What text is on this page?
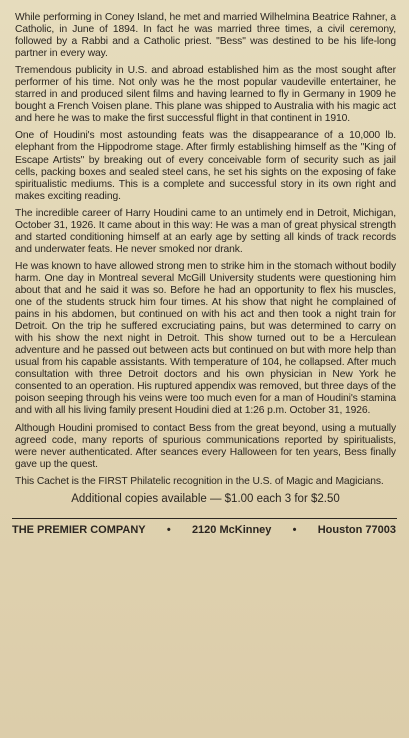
While performing in Coney Island, he met and married Wilhelmina Beatrice Rahner, a Catholic, in June of 1894. In fact he was married three times, a civil ceremony, followed by a Rabbi and a Catholic priest. "Bess" was destined to be his life-long partner in every way.

Tremendous publicity in U.S. and abroad established him as the most sought after performer of his time. Not only was he the most popular vaudeville entertainer, he starred in and produced silent films and having learned to fly in Germany in 1909 he bought a French Voisen plane. This plane was shipped to Australia with his magic act and here he was to make the first successful flight in that continent in 1910.

One of Houdini's most astounding feats was the disappearance of a 10,000 lb. elephant from the Hippodrome stage. After firmly establishing himself as the "King of Escape Artists" by breaking out of every conceivable form of security such as jail cells, packing boxes and sealed steel cans, he set his sights on the exposing of fake spiritualistic mediums. This is a complete and successful story in its own right and makes exciting reading.

The incredible career of Harry Houdini came to an untimely end in Detroit, Michigan, October 31, 1926. It came about in this way: He was a man of great physical strength and started conditioning himself at an early age by setting all kinds of track records and underwater feats. He never smoked nor drank.

He was known to have allowed strong men to strike him in the stomach without bodily harm. One day in Montreal several McGill University students were questioning him about that and he said it was so. Before he had an opportunity to flex his muscles, one of the students struck him four times. At his show that night he complained of pains in his abdomen, but continued on with his act and then took a night train for Detroit. On the trip he suffered excruciating pains, but was determined to carry on with his show the next night in Detroit. This show turned out to be a Herculean adventure and he passed out between acts but continued on but with more help than usual from his capable assistants. With temperature of 104, he collapsed. After much consultation with three Detroit doctors and his own physician in New York he consented to an operation. His ruptured appendix was removed, but three days of the poison seeping through his veins were too much even for a man of Houdini's stamina and with all his living family present Houdini died at 1:26 p.m. October 31, 1926.

Although Houdini promised to contact Bess from the great beyond, using a mutually agreed code, many reports of spurious communications reported by spiritualists, were never authenticated. After seances every Halloween for ten years, Bess finally gave up the quest.

This Cachet is the FIRST Philatelic recognition in the U.S. of Magic and Magicians.

Additional copies available — $1.00 each 3 for $2.50
THE PREMIER COMPANY • 2120 McKinney • Houston 77003
